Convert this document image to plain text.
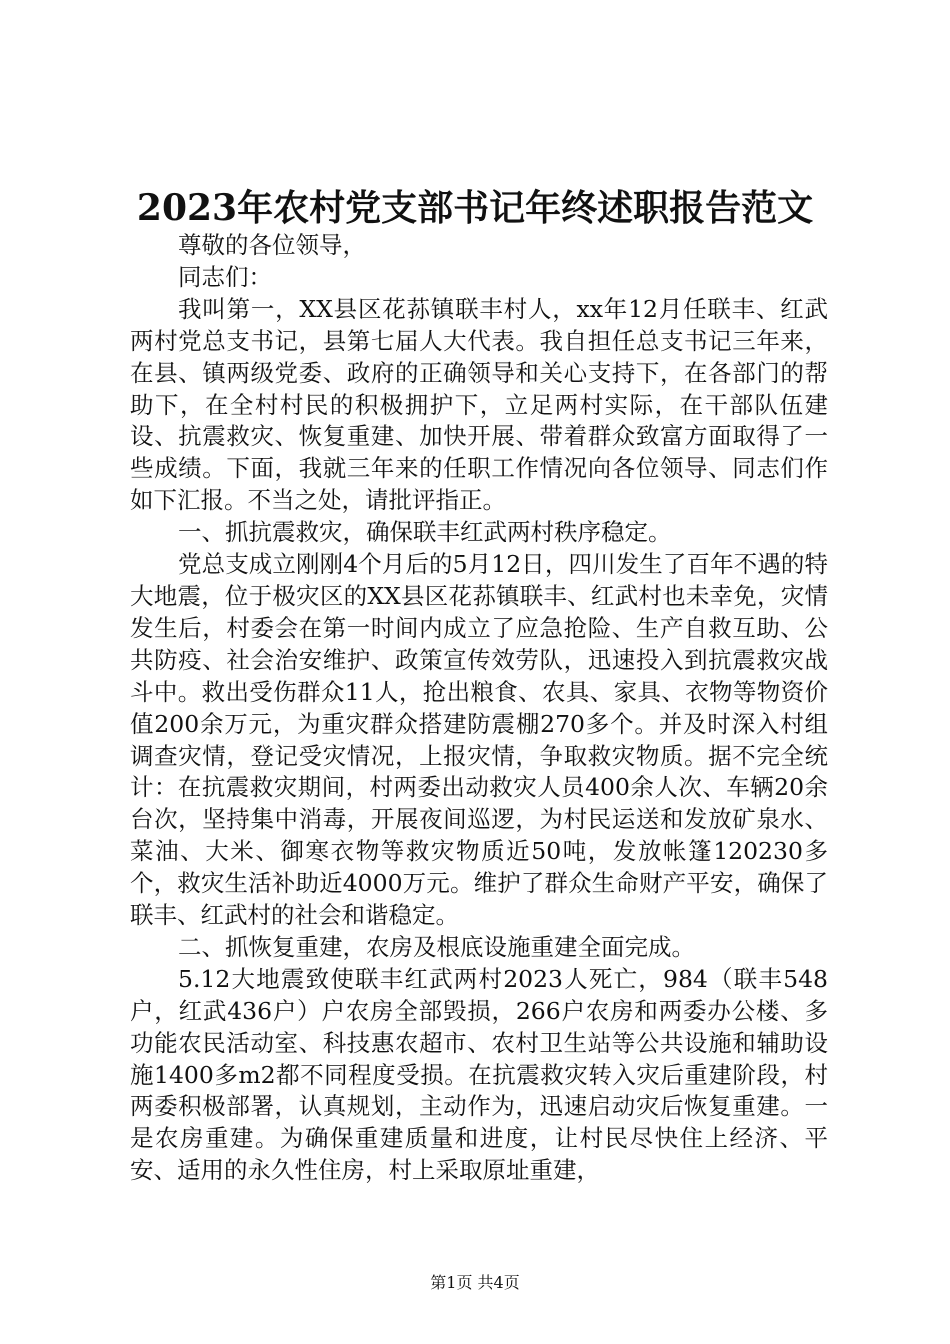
2023年农村党支部书记年终述职报告范文

尊敬的各位领导，

同志们：

我叫第一，XX县区花荪镇联丰村人，xx年12月任联丰、红武两村党总支书记，县第七届人大代表。我自担任总支书记三年来，在县、镇两级党委、政府的正确领导和关心支持下，在各部门的帮助下，在全村村民的积极拥护下，立足两村实际，在干部队伍建设、抗震救灾、恢复重建、加快开展、带着群众致富方面取得了一些成绩。下面，我就三年来的任职工作情况向各位领导、同志们作如下汇报。不当之处，请批评指正。

一、抓抗震救灾，确保联丰红武两村秩序稳定。

党总支成立刚刚4个月后的5月12日，四川发生了百年不遇的特大地震，位于极灾区的XX县区花荪镇联丰、红武村也未幸免，灾情发生后，村委会在第一时间内成立了应急抢险、生产自救互助、公共防疫、社会治安维护、政策宣传效劳队，迅速投入到抗震救灾战斗中。救出受伤群众11人，抢出粮食、农具、家具、衣物等物资价值200余万元，为重灾群众搭建防震棚270多个。并及时深入村组调查灾情，登记受灾情况，上报灾情，争取救灾物质。据不完全统计：在抗震救灾期间，村两委出动救灾人员400余人次、车辆20余台次，坚持集中消毒，开展夜间巡逻，为村民运送和发放矿泉水、菜油、大米、御寒衣物等救灾物质近50吨，发放帐篷120230多个，救灾生活补助近4000万元。维护了群众生命财产平安，确保了联丰、红武村的社会和谐稳定。

二、抓恢复重建，农房及根底设施重建全面完成。

5.12大地震致使联丰红武两村2023人死亡，984（联丰548户，红武436户）户农房全部毁损，266户农房和两委办公楼、多功能农民活动室、科技惠农超市、农村卫生站等公共设施和辅助设施1400多m2都不同程度受损。在抗震救灾转入灾后重建阶段，村两委积极部署，认真规划，主动作为，迅速启动灾后恢复重建。一是农房重建。为确保重建质量和进度，让村民尽快住上经济、平安、适用的永久性住房，村上采取原址重建，

第1页 共4页
